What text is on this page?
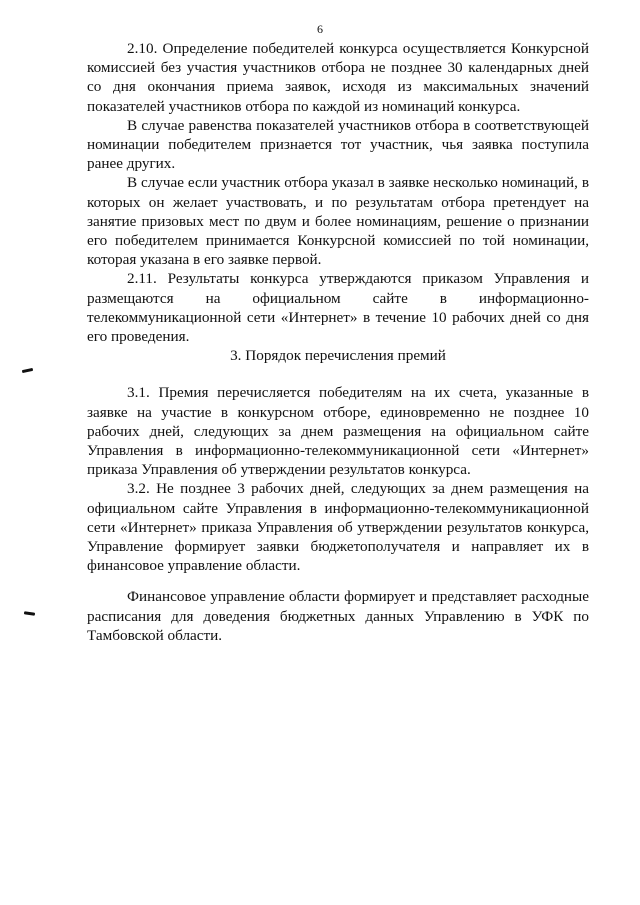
6

2.10. Определение победителей конкурса осуществляется Конкурсной комиссией без участия участников отбора не позднее 30 календарных дней со дня окончания приема заявок, исходя из максимальных значений показателей участников отбора по каждой из номинаций конкурса.

В случае равенства показателей участников отбора в соответствующей номинации победителем признается тот участник, чья заявка поступила ранее других.

В случае если участник отбора указал в заявке несколько номинаций, в которых он желает участвовать, и по результатам отбора претендует на занятие призовых мест по двум и более номинациям, решение о признании его победителем принимается Конкурсной комиссией по той номинации, которая указана в его заявке первой.

2.11. Результаты конкурса утверждаются приказом Управления и размещаются на официальном сайте в информационно-телекоммуникационной сети «Интернет» в течение 10 рабочих дней со дня его проведения.

3. Порядок перечисления премий

3.1. Премия перечисляется победителям на их счета, указанные в заявке на участие в конкурсном отборе, единовременно не позднее 10 рабочих дней, следующих за днем размещения на официальном сайте Управления в информационно-телекоммуникационной сети «Интернет» приказа Управления об утверждении результатов конкурса.

3.2. Не позднее 3 рабочих дней, следующих за днем размещения на официальном сайте Управления в информационно-телекоммуникационной сети «Интернет» приказа Управления об утверждении результатов конкурса, Управление формирует заявки бюджетополучателя и направляет их в финансовое управление области.

Финансовое управление области формирует и представляет расходные расписания для доведения бюджетных данных Управлению в УФК по Тамбовской области.
